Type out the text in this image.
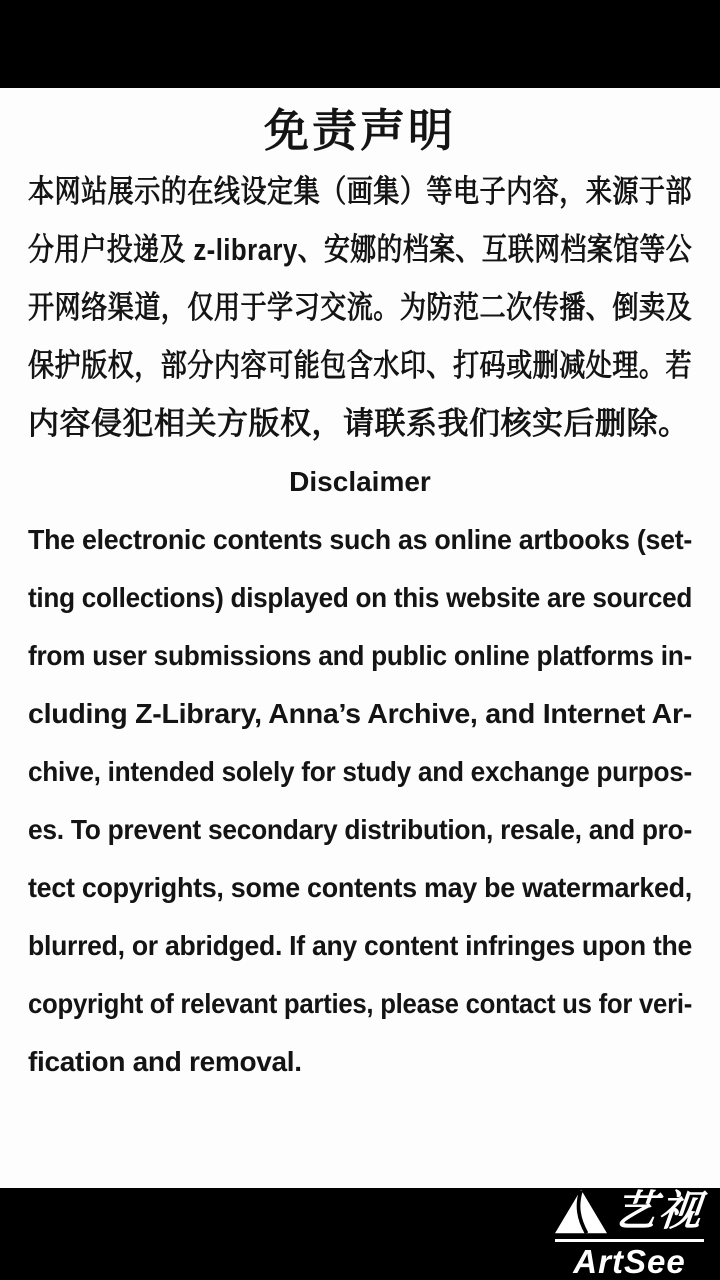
免责声明
本网站展示的在线设定集（画集）等电子内容，来源于部
分用户投递及 z-library、安娜的档案、互联网档案馆等公
开网络渠道，仅用于学习交流。为防范二次传播、倒卖及
保护版权，部分内容可能包含水印、打码或删减处理。若
内容侵犯相关方版权，请联系我们核实后删除。
Disclaimer
The electronic contents such as online artbooks (set-
ting collections) displayed on this website are sourced
from user submissions and public online platforms in-
cluding Z-Library, Anna’s Archive, and Internet Ar-
chive, intended solely for study and exchange purpos-
es. To prevent secondary distribution, resale, and pro-
tect copyrights, some contents may be watermarked,
blurred, or abridged. If any content infringes upon the
copyright of relevant parties, please contact us for veri-
fication and removal.
艺视
ArtSee
